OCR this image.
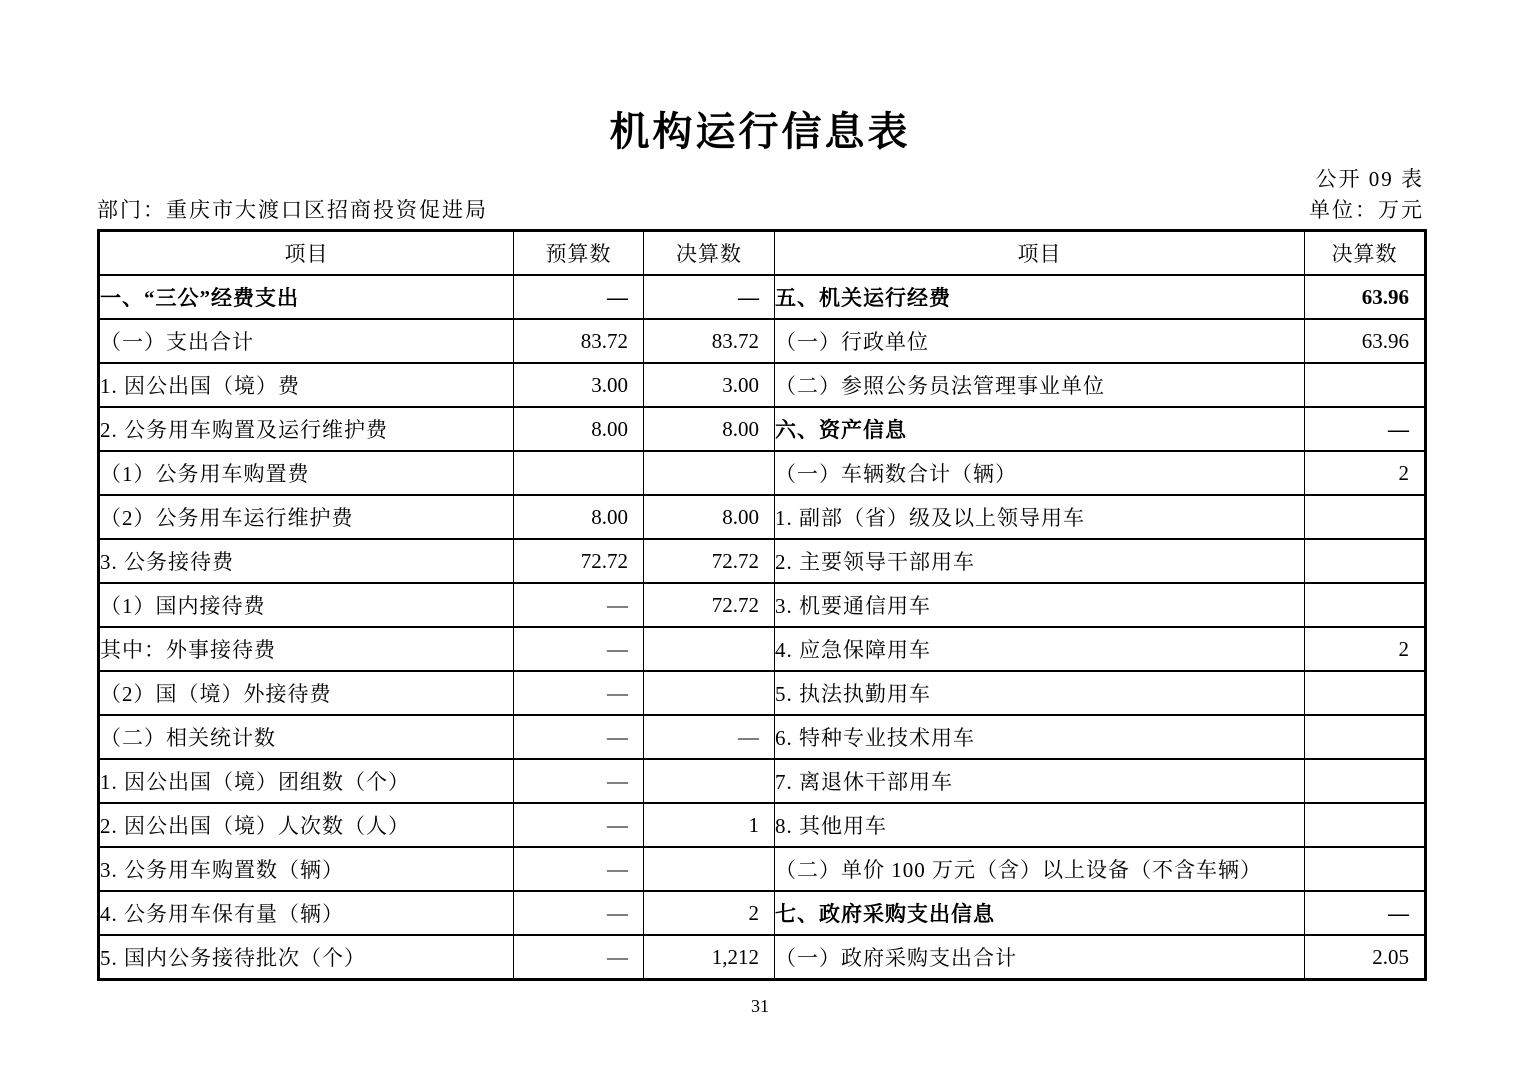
机构运行信息表
公开 09 表
部门：重庆市大渡口区招商投资促进局	单位：万元
项目	预算数	决算数	项目	决算数
一、“三公”经费支出	—	—	五、机关运行经费	63.96
（一）支出合计	83.72	83.72	（一）行政单位	63.96
1. 因公出国（境）费	3.00	3.00	（二）参照公务员法管理事业单位	
2. 公务用车购置及运行维护费	8.00	8.00	六、资产信息	—
（1）公务用车购置费			（一）车辆数合计（辆）	2
（2）公务用车运行维护费	8.00	8.00	1. 副部（省）级及以上领导用车	
3. 公务接待费	72.72	72.72	2. 主要领导干部用车	
（1）国内接待费	—	72.72	3. 机要通信用车	
其中：外事接待费	—		4. 应急保障用车	2
（2）国（境）外接待费	—		5. 执法执勤用车	
（二）相关统计数	—	—	6. 特种专业技术用车	
1. 因公出国（境）团组数（个）	—		7. 离退休干部用车	
2. 因公出国（境）人次数（人）	—	1	8. 其他用车	
3. 公务用车购置数（辆）	—		（二）单价 100 万元（含）以上设备（不含车辆）	
4. 公务用车保有量（辆）	—	2	七、政府采购支出信息	—
5. 国内公务接待批次（个）	—	1,212	（一）政府采购支出合计	2.05
31
